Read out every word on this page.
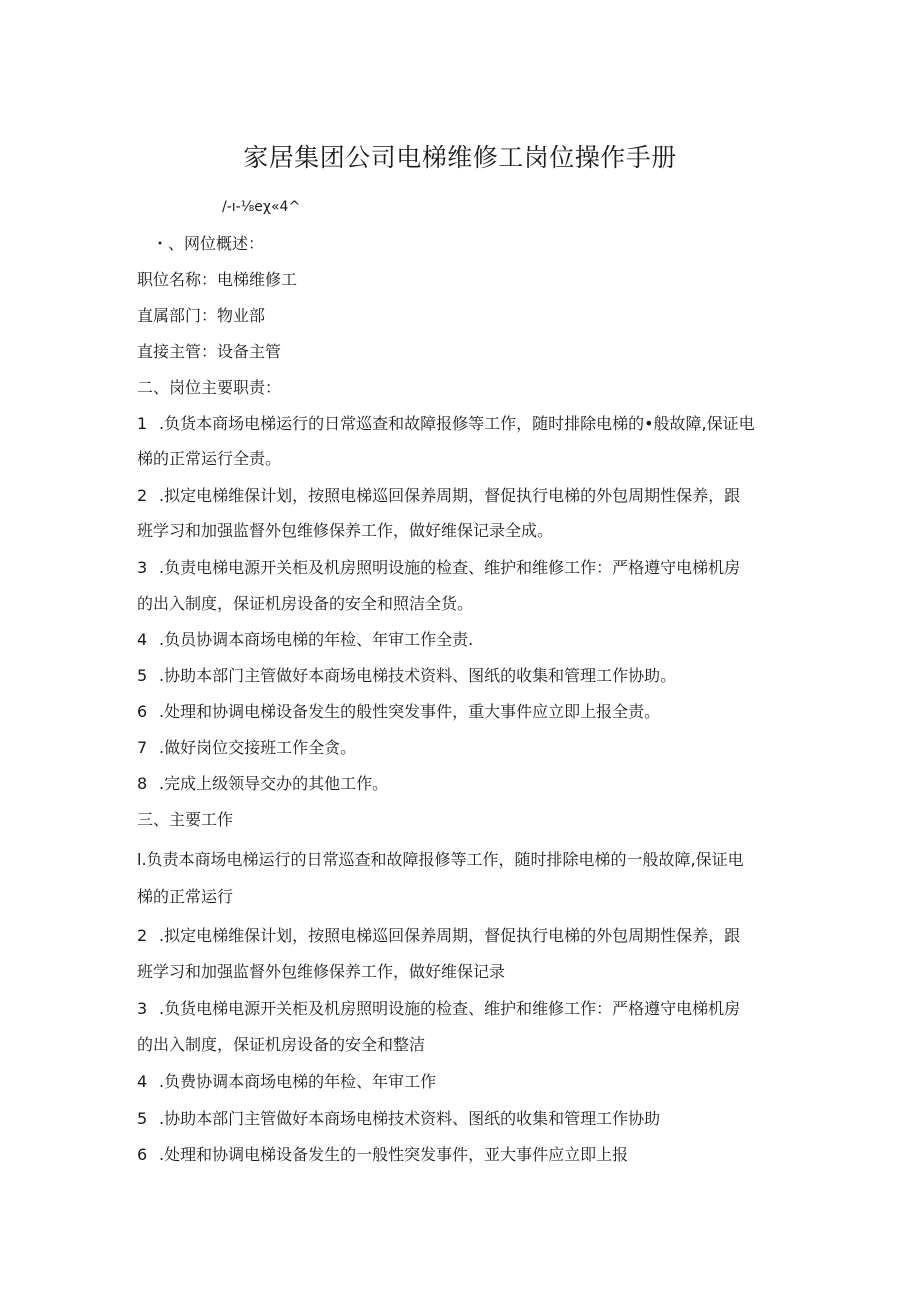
家居集团公司电梯维修工岗位操作手册
/-ı-⅛eχ«4^
・、网位概述：
职位名称：电梯维修工
直属部门：物业部
直接主管：设备主管
二、岗位主要职责：
1 .负货本商场电梯运行的日常巡查和故障报修等工作，随时排除电梯的•般故障,保证电
梯的正常运行全责。
2 .拟定电梯维保计划，按照电梯巡回保养周期，督促执行电梯的外包周期性保养，跟
班学习和加强监督外包维修保养工作，做好维保记录全成。
3 .负责电梯电源开关柜及机房照明设施的检查、维护和维修工作：严格遵守电梯机房
的出入制度，保证机房设备的安全和照洁全货。
4 .负员协调本商场电梯的年检、年审工作全责.
5 .协助本部门主管做好本商场电梯技术资料、图纸的收集和管理工作协助。
6 .处理和协调电梯设备发生的般性突发事件，重大事件应立即上报全责。
7 .做好岗位交接班工作全贪。
8 .完成上级领导交办的其他工作。
三、主要工作
l.负责本商场电梯运行的日常巡查和故障报修等工作，随时排除电梯的一般故障,保证电
梯的正常运行
2 .拟定电梯维保计划，按照电梯巡回保养周期，督促执行电梯的外包周期性保养，跟
班学习和加强监督外包维修保养工作，做好维保记录
3 .负货电梯电源开关柜及机房照明设施的检查、维护和维修工作：严格遵守电梯机房
的出入制度，保证机房设备的安全和整洁
4 .负费协调本商场电梯的年检、年审工作
5 .协助本部门主管做好本商场电梯技术资料、图纸的收集和管理工作协助
6 .处理和协调电梯设备发生的一般性突发事件，亚大事件应立即上报
